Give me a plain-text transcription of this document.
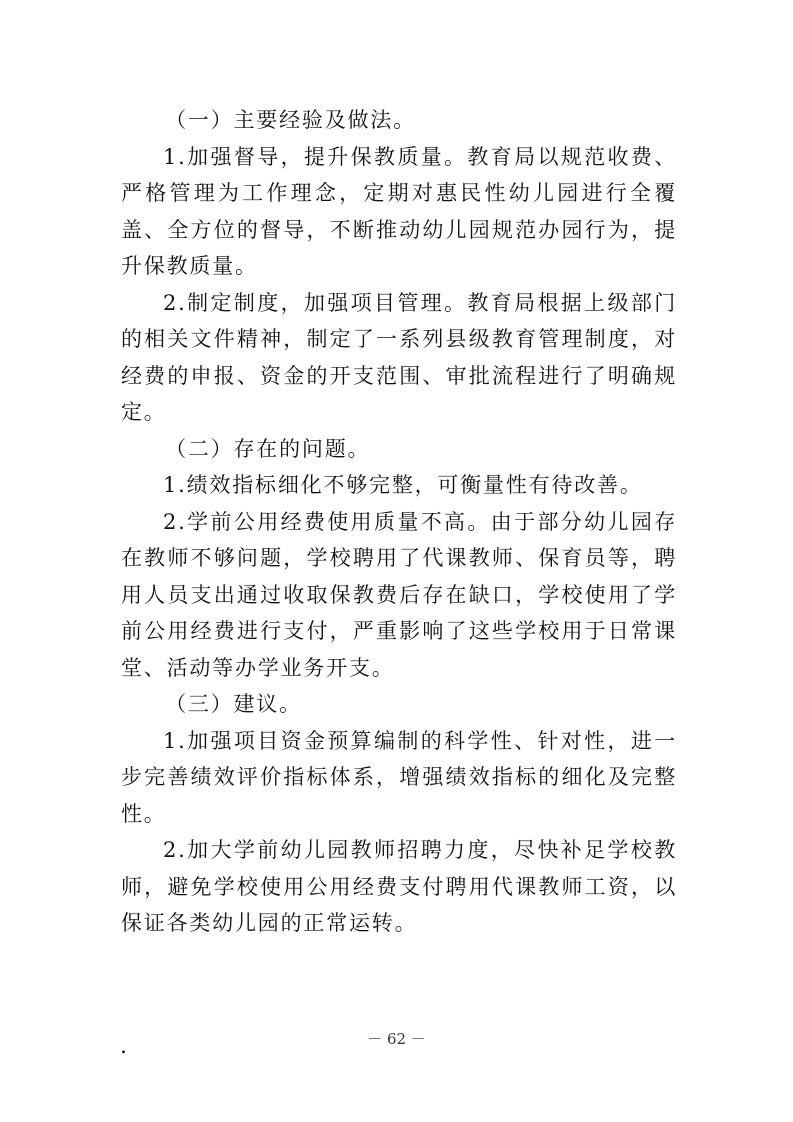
（一）主要经验及做法。

1.加强督导，提升保教质量。教育局以规范收费、严格管理为工作理念，定期对惠民性幼儿园进行全覆盖、全方位的督导，不断推动幼儿园规范办园行为，提升保教质量。

2.制定制度，加强项目管理。教育局根据上级部门的相关文件精神，制定了一系列县级教育管理制度，对经费的申报、资金的开支范围、审批流程进行了明确规定。

（二）存在的问题。

1.绩效指标细化不够完整，可衡量性有待改善。

2.学前公用经费使用质量不高。由于部分幼儿园存在教师不够问题，学校聘用了代课教师、保育员等，聘用人员支出通过收取保教费后存在缺口，学校使用了学前公用经费进行支付，严重影响了这些学校用于日常课堂、活动等办学业务开支。

（三）建议。

1.加强项目资金预算编制的科学性、针对性，进一步完善绩效评价指标体系，增强绩效指标的细化及完整性。

2.加大学前幼儿园教师招聘力度，尽快补足学校教师，避免学校使用公用经费支付聘用代课教师工资，以保证各类幼儿园的正常运转。

－ 62 －
.
